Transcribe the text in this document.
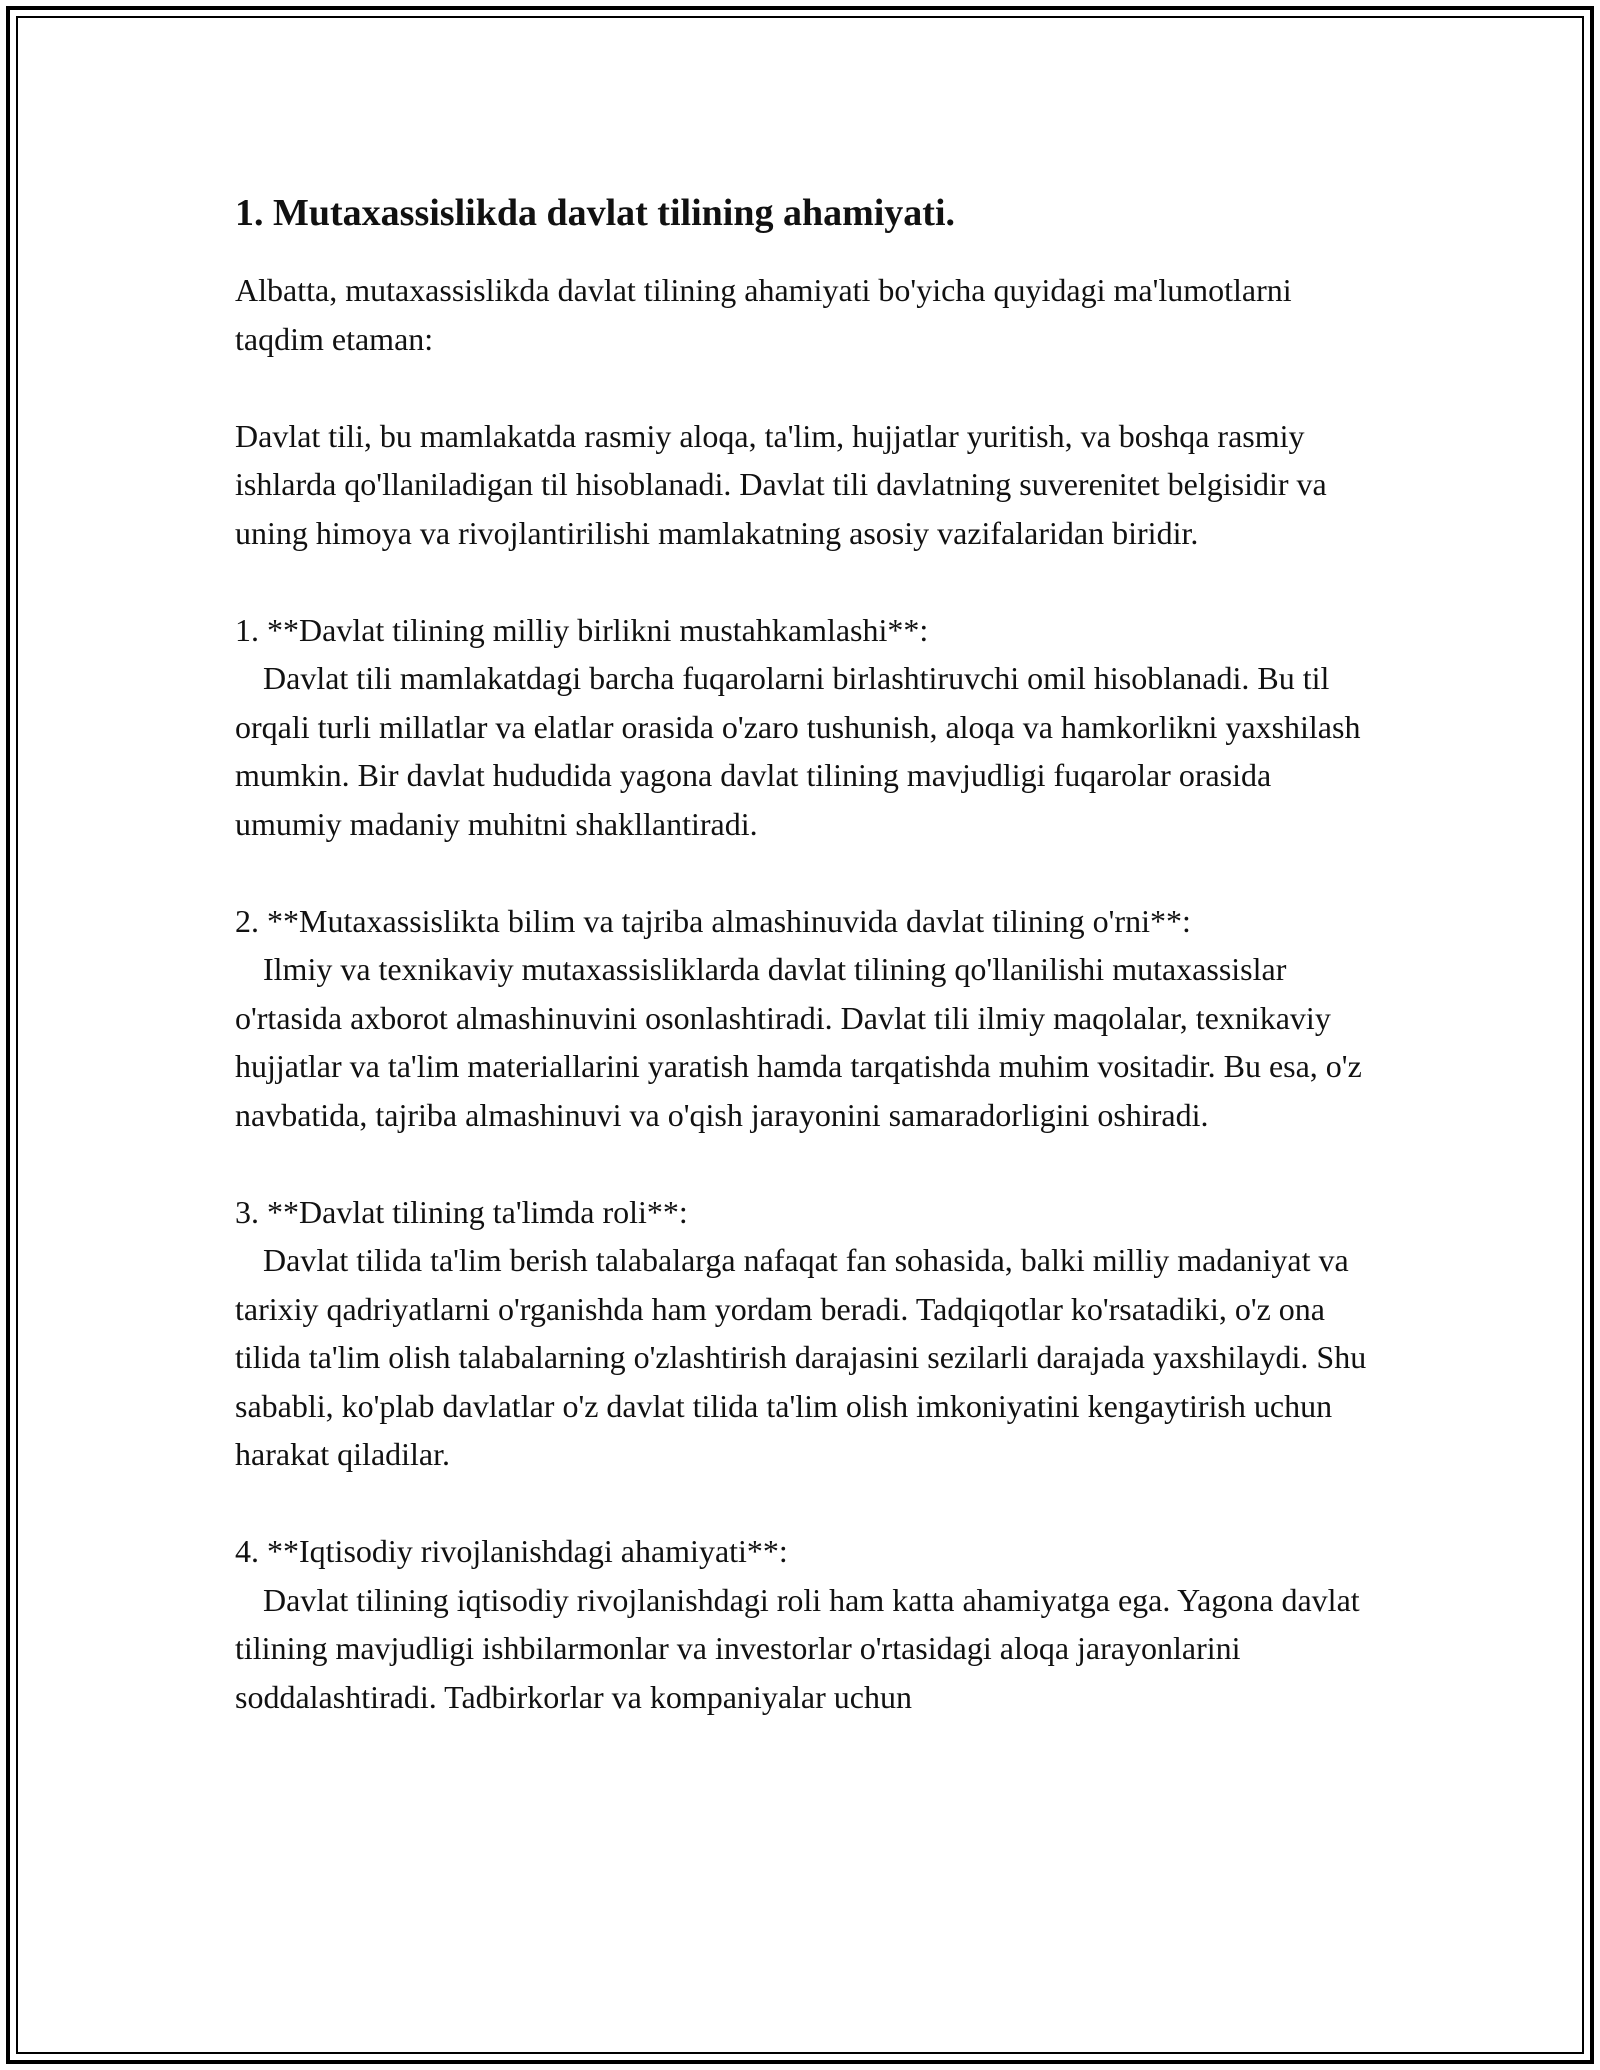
1. Mutaxassislikda davlat tilining ahamiyati.

Albatta, mutaxassislikda davlat tilining ahamiyati bo'yicha quyidagi ma'lumotlarni taqdim etaman:

Davlat tili, bu mamlakatda rasmiy aloqa, ta'lim, hujjatlar yuritish, va boshqa rasmiy ishlarda qo'llaniladigan til hisoblanadi. Davlat tili davlatning suverenitet belgisidir va uning himoya va rivojlantirilishi mamlakatning asosiy vazifalaridan biridir.

1. **Davlat tilining milliy birlikni mustahkamlashi**:
Davlat tili mamlakatdagi barcha fuqarolarni birlashtiruvchi omil hisoblanadi. Bu til orqali turli millatlar va elatlar orasida o'zaro tushunish, aloqa va hamkorlikni yaxshilash mumkin. Bir davlat hududida yagona davlat tilining mavjudligi fuqarolar orasida umumiy madaniy muhitni shakllantiradi.

2. **Mutaxassislikta bilim va tajriba almashinuvida davlat tilining o'rni**:
Ilmiy va texnikaviy mutaxassisliklarda davlat tilining qo'llanilishi mutaxassislar o'rtasida axborot almashinuvini osonlashtiradi. Davlat tili ilmiy maqolalar, texnikaviy hujjatlar va ta'lim materiallarini yaratish hamda tarqatishda muhim vositadir. Bu esa, o'z navbatida, tajriba almashinuvi va o'qish jarayonini samaradorligini oshiradi.

3. **Davlat tilining ta'limda roli**:
Davlat tilida ta'lim berish talabalarga nafaqat fan sohasida, balki milliy madaniyat va tarixiy qadriyatlarni o'rganishda ham yordam beradi. Tadqiqotlar ko'rsatadiki, o'z ona tilida ta'lim olish talabalarning o'zlashtirish darajasini sezilarli darajada yaxshilaydi. Shu sababli, ko'plab davlatlar o'z davlat tilida ta'lim olish imkoniyatini kengaytirish uchun harakat qiladilar.

4. **Iqtisodiy rivojlanishdagi ahamiyati**:
Davlat tilining iqtisodiy rivojlanishdagi roli ham katta ahamiyatga ega. Yagona davlat tilining mavjudligi ishbilarmonlar va investorlar o'rtasidagi aloqa jarayonlarini soddalashtiradi. Tadbirkorlar va kompaniyalar uchun
